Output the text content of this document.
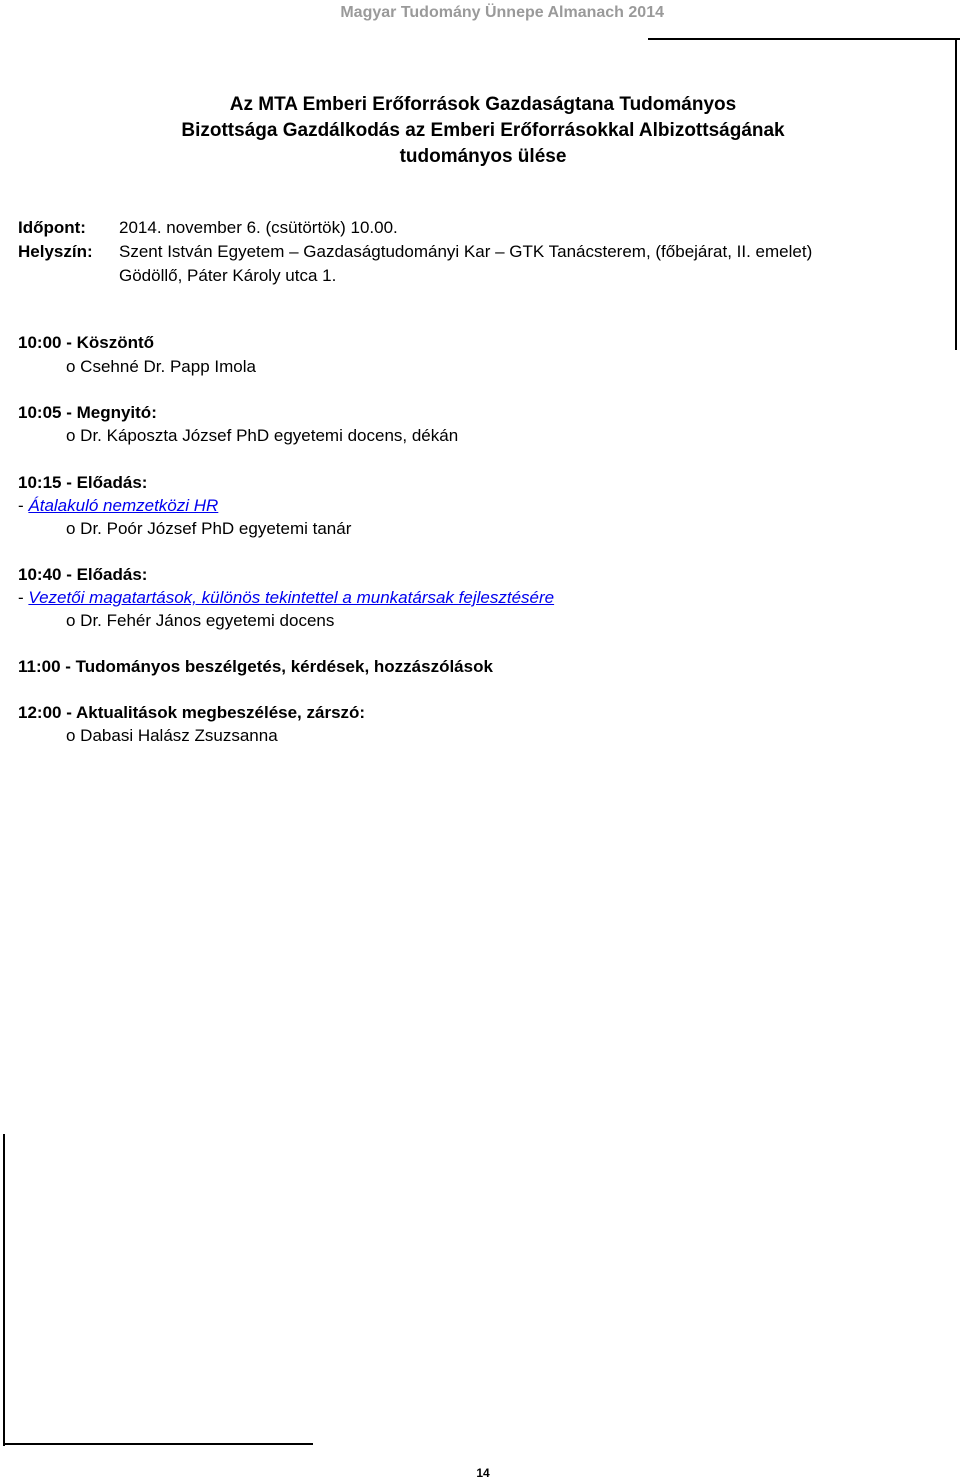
Magyar Tudomány Ünnepe Almanach 2014
Az MTA Emberi Erőforrások Gazdaságtana Tudományos
Bizottsága Gazdálkodás az Emberi Erőforrásokkal Albizottságának
tudományos ülése
Időpont: 2014. november 6. (csütörtök) 10.00.
Helyszín: Szent István Egyetem – Gazdaságtudományi Kar – GTK Tanácsterem, (főbejárat, II. emelet)
Gödöllő, Páter Károly utca 1.
10:00 - Köszöntő
o Csehné Dr. Papp Imola
10:05 - Megnyitó:
o Dr. Káposzta József PhD egyetemi docens, dékán
10:15 - Előadás:
- Átalakuló nemzetközi HR
o Dr. Poór József PhD egyetemi tanár
10:40 - Előadás:
- Vezetői magatartások, különös tekintettel a munkatársak fejlesztésére
o Dr. Fehér János egyetemi docens
11:00 - Tudományos beszélgetés, kérdések, hozzászólások
12:00 - Aktualitások megbeszélése, zárszó:
o Dabasi Halász Zsuzsanna
14
